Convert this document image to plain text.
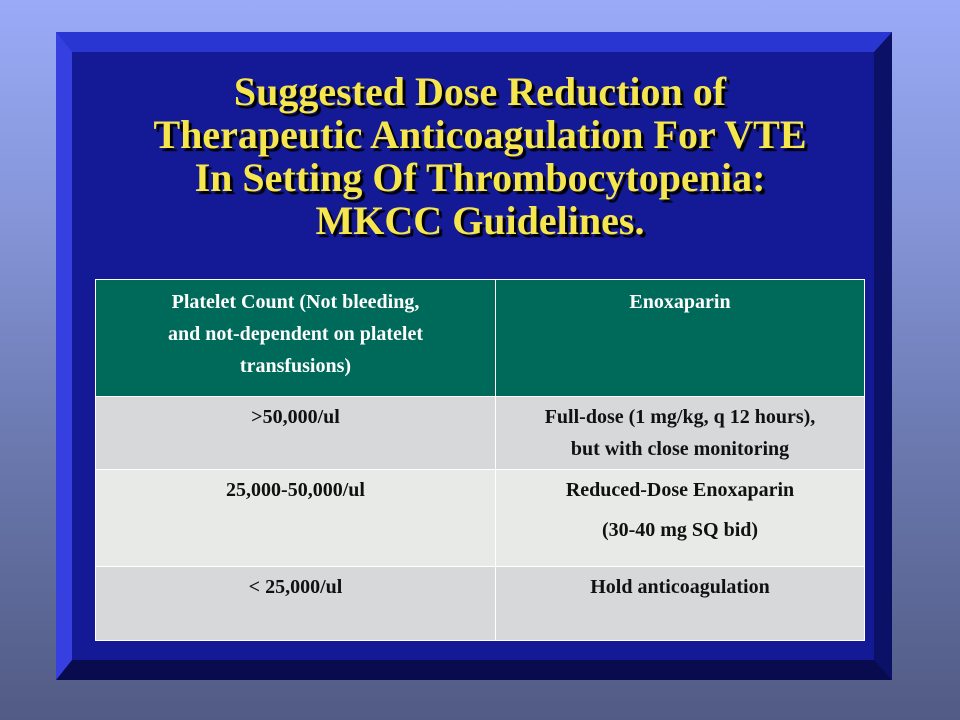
Suggested Dose Reduction of
Therapeutic Anticoagulation For VTE
In Setting Of Thrombocytopenia:
MKCC Guidelines.
Platelet Count (Not bleeding,
and not-dependent on platelet
transfusions)	Enoxaparin

>50,000/ul	Full-dose (1 mg/kg, q 12 hours),
but with close monitoring

25,000-50,000/ul	Reduced-Dose Enoxaparin
(30-40 mg SQ bid)

< 25,000/ul	Hold anticoagulation
